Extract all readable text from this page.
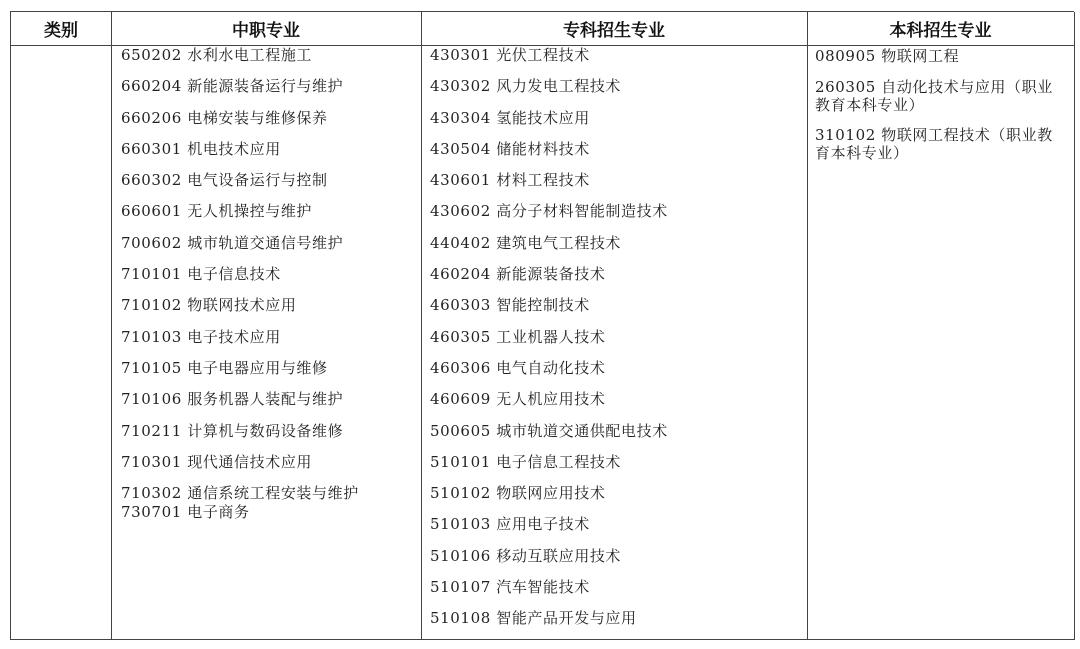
类别	中职专业
650202 水利水电工程施工
660204 新能源装备运行与维护
660206 电梯安装与维修保养
660301 机电技术应用
660302 电气设备运行与控制
660601 无人机操控与维护
700602 城市轨道交通信号维护
710101 电子信息技术
710102 物联网技术应用
710103 电子技术应用
710105 电子电器应用与维修
710106 服务机器人装配与维护
710211 计算机与数码设备维修
710301 现代通信技术应用
710302 通信系统工程安装与维护
730701 电子商务
专科招生专业
430301 光伏工程技术
430302 风力发电工程技术
430304 氢能技术应用
430504 储能材料技术
430601 材料工程技术
430602 高分子材料智能制造技术
440402 建筑电气工程技术
460204 新能源装备技术
460303 智能控制技术
460305 工业机器人技术
460306 电气自动化技术
460609 无人机应用技术
500605 城市轨道交通供配电技术
510101 电子信息工程技术
510102 物联网应用技术
510103 应用电子技术
510106 移动互联应用技术
510107 汽车智能技术
510108 智能产品开发与应用
本科招生专业
080905 物联网工程
260305 自动化技术与应用（职业教育本科专业）
310102 物联网工程技术（职业教育本科专业）
